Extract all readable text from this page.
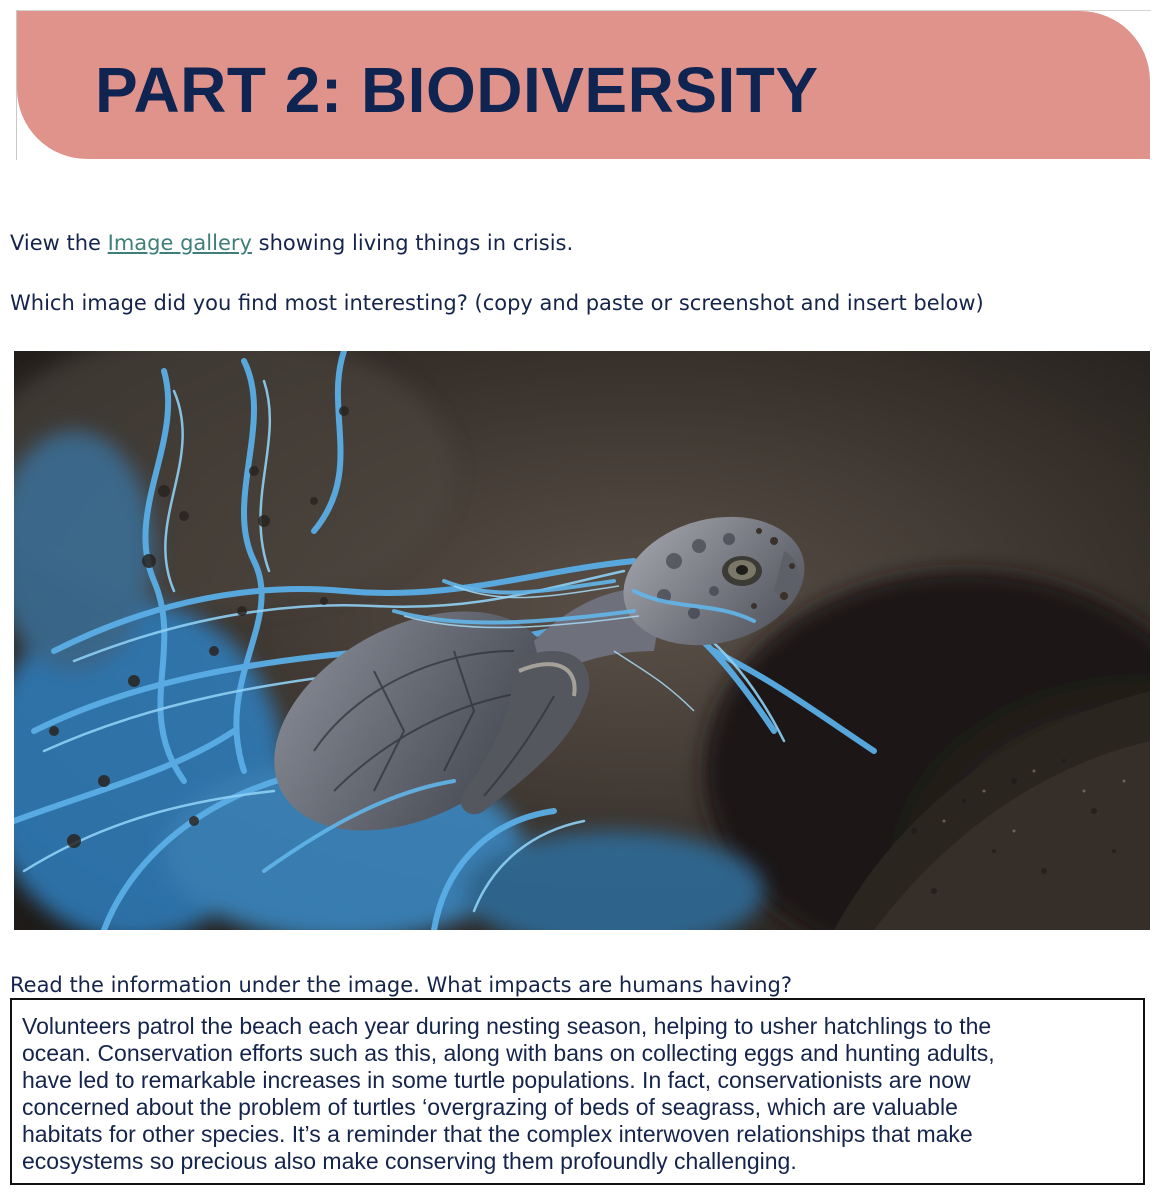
PART 2: BIODIVERSITY

View the Image gallery showing living things in crisis.

Which image did you find most interesting? (copy and paste or screenshot and insert below)

Read the information under the image. What impacts are humans having?

Volunteers patrol the beach each year during nesting season, helping to usher hatchlings to the
ocean. Conservation efforts such as this, along with bans on collecting eggs and hunting adults,
have led to remarkable increases in some turtle populations. In fact, conservationists are now
concerned about the problem of turtles ‘overgrazing of beds of seagrass, which are valuable
habitats for other species. It’s a reminder that the complex interwoven relationships that make
ecosystems so precious also make conserving them profoundly challenging.
